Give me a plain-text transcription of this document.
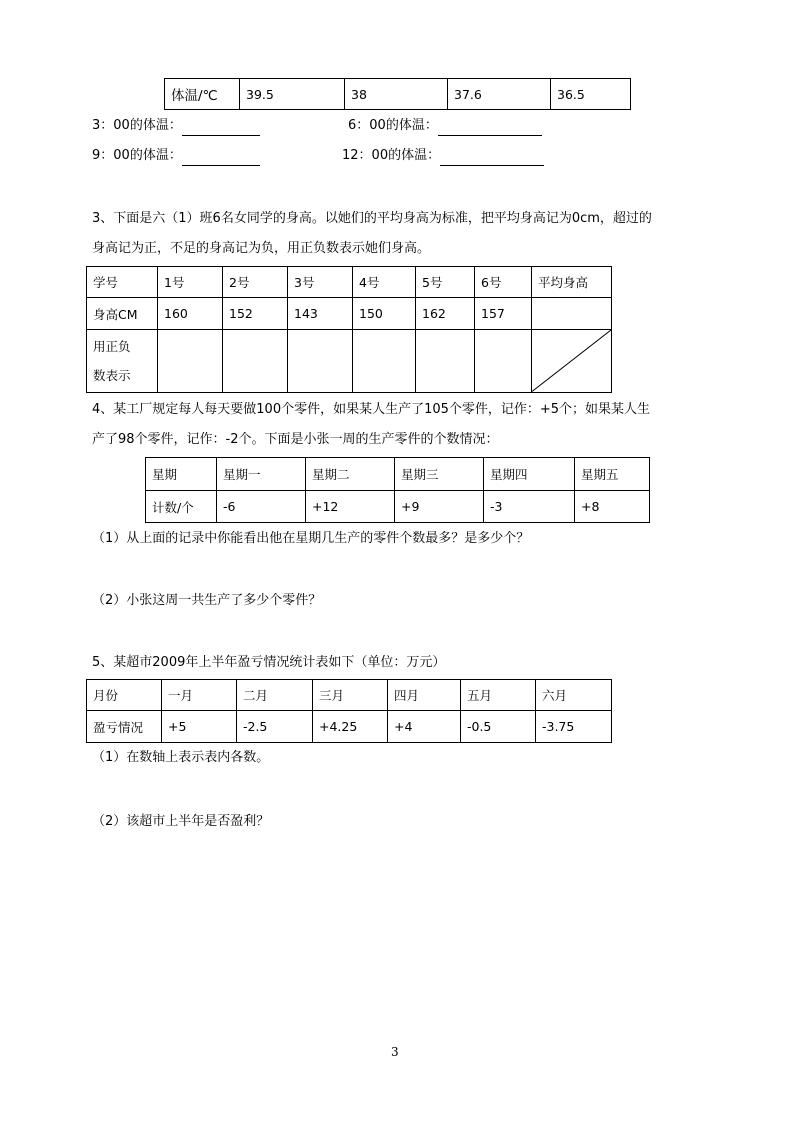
体温/℃	39.5	38	37.6	36.5
3：00的体温：	6：00的体温：
9：00的体温：	12：00的体温：
3、下面是六（1）班6名女同学的身高。以她们的平均身高为标准，把平均身高记为0cm，超过的
身高记为正，不足的身高记为负，用正负数表示她们身高。
学号	1号	2号	3号	4号	5号	6号	平均身高
身高CM	160	152	143	150	162	157	

用正负
数表示

4、某工厂规定每人每天要做100个零件，如果某人生产了105个零件，记作：+5个；如果某人生
产了98个零件，记作：-2个。下面是小张一周的生产零件的个数情况：
星期	星期一	星期二	星期三	星期四	星期五
计数/个	-6	+12	+9	-3	+8
（1）从上面的记录中你能看出他在星期几生产的零件个数最多？是多少个？
（2）小张这周一共生产了多少个零件？
5、某超市2009年上半年盈亏情况统计表如下（单位：万元）
月份	一月	二月	三月	四月	五月	六月
盈亏情况	+5	-2.5	+4.25	+4	-0.5	-3.75
（1）在数轴上表示表内各数。
（2）该超市上半年是否盈利？
3
